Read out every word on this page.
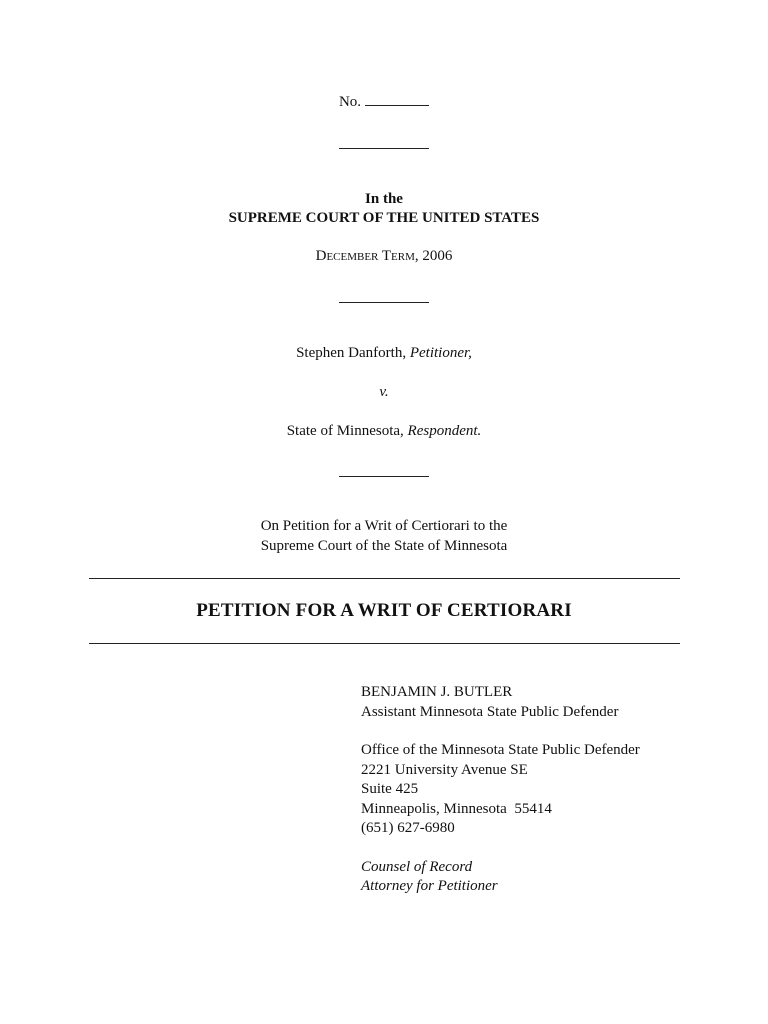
No.
In the
SUPREME COURT OF THE UNITED STATES
December Term, 2006
Stephen Danforth, Petitioner,
v.
State of Minnesota, Respondent.
On Petition for a Writ of Certiorari to the
Supreme Court of the State of Minnesota
PETITION FOR A WRIT OF CERTIORARI
BENJAMIN J. BUTLER
Assistant Minnesota State Public Defender
Office of the Minnesota State Public Defender
2221 University Avenue SE
Suite 425
Minneapolis, Minnesota  55414
(651) 627-6980
Counsel of Record
Attorney for Petitioner
